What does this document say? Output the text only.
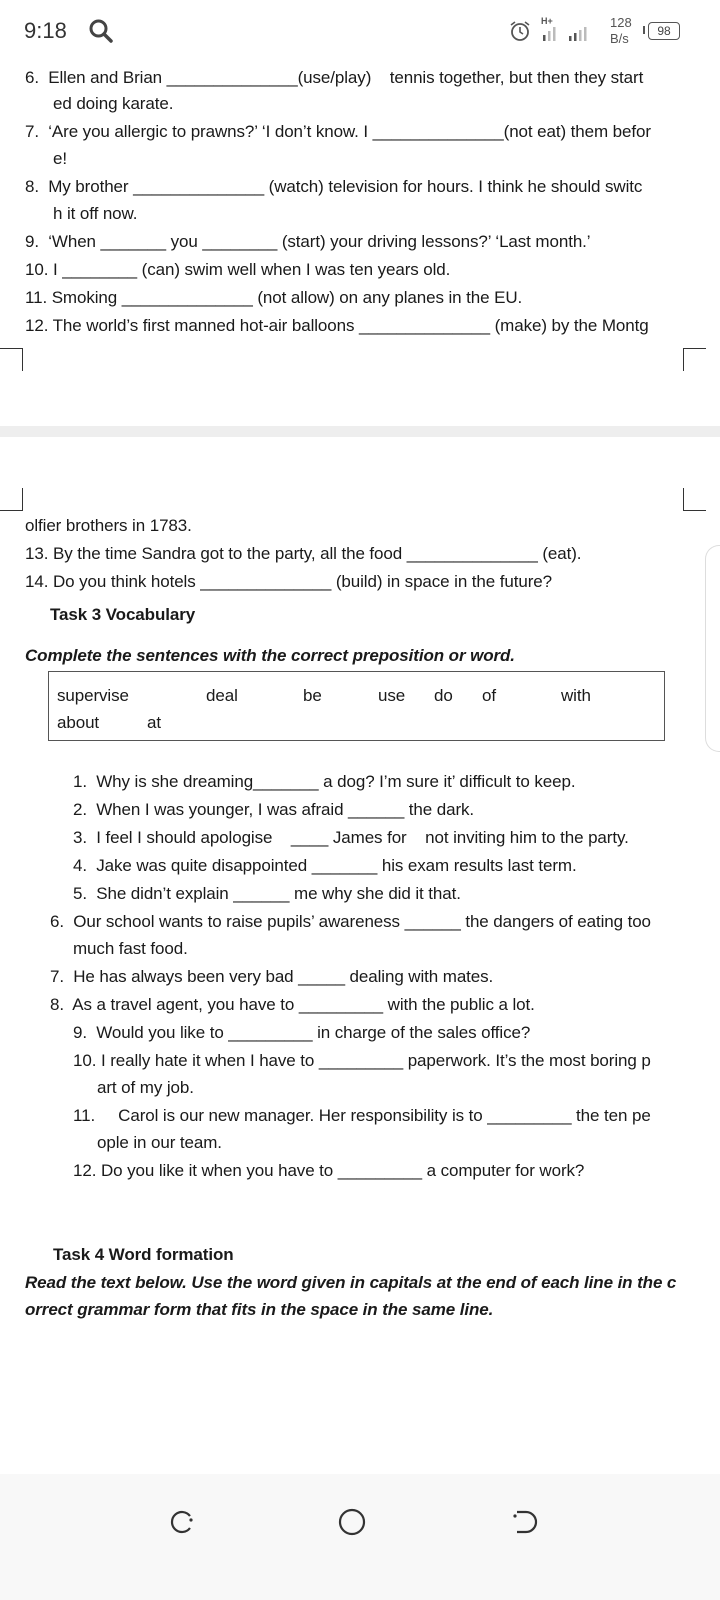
9:18	H+	128
B/s	98
6.  Ellen and Brian ______________(use/play)    tennis together, but then they start
ed doing karate.
7.  ‘Are you allergic to prawns?’ ‘I don’t know. I ______________(not eat) them befor
e!
8.  My brother ______________ (watch) television for hours. I think he should switc
h it off now.
9.  ‘When _______ you ________ (start) your driving lessons?’ ‘Last month.’
10. I ________ (can) swim well when I was ten years old.
11. Smoking ______________ (not allow) on any planes in the EU.
12. The world’s first manned hot-air balloons ______________ (make) by the Montg
olfier brothers in 1783.
13. By the time Sandra got to the party, all the food ______________ (eat).
14. Do you think hotels ______________ (build) in space in the future?
Task 3 Vocabulary
Complete the sentences with the correct preposition or word.
supervise	deal	be	use do of	with
about	at
1.  Why is she dreaming_______ a dog? I’m sure it’ difficult to keep.
2.  When I was younger, I was afraid ______ the dark.
3.  I feel I should apologise    ____ James for    not inviting him to the party.
4.  Jake was quite disappointed _______ his exam results last term.
5.  She didn’t explain ______ me why she did it that.
6.  Our school wants to raise pupils’ awareness ______ the dangers of eating too
much fast food.
7.  He has always been very bad _____ dealing with mates.
8.  As a travel agent, you have to _________ with the public a lot.
9.  Would you like to _________ in charge of the sales office?
10. I really hate it when I have to _________ paperwork. It’s the most boring p
art of my job.
11.     Carol is our new manager. Her responsibility is to _________ the ten pe
ople in our team.
12. Do you like it when you have to _________ a computer for work?
Task 4 Word formation
Read the text below. Use the word given in capitals at the end of each line in the c
orrect grammar form that fits in the space in the same line.
